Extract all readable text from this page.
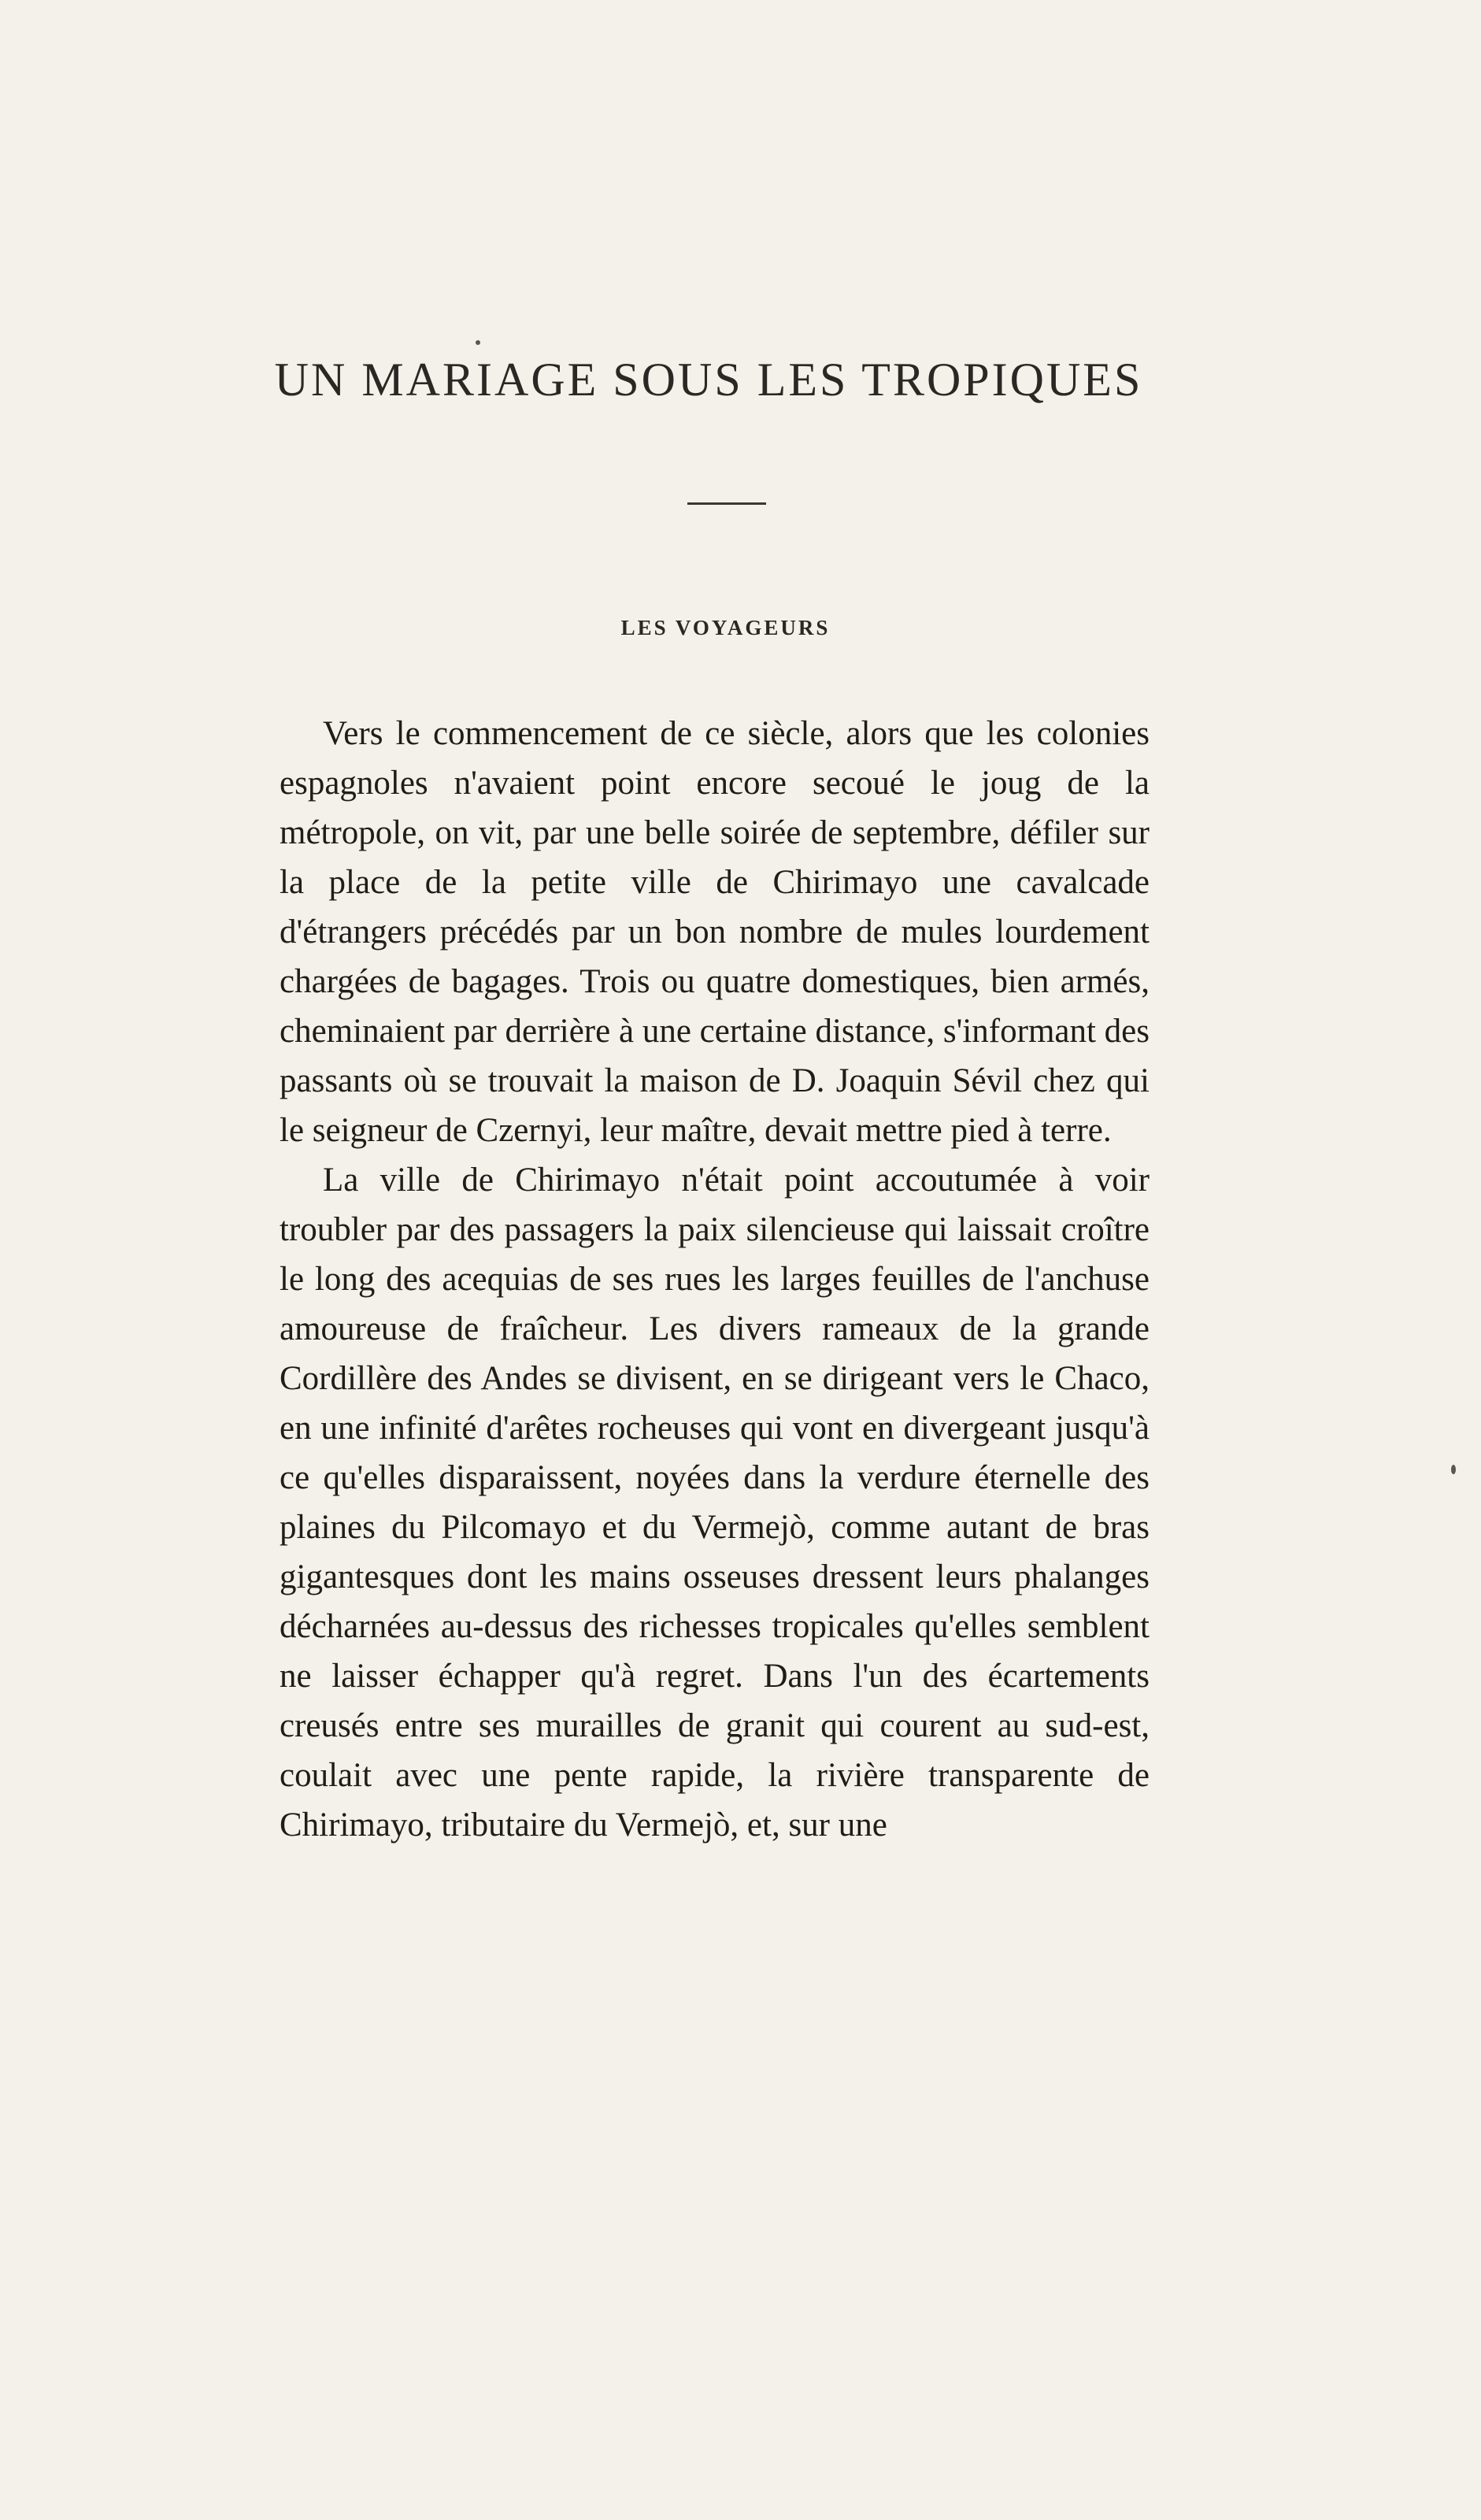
UN MARIAGE SOUS LES TROPIQUES
LES VOYAGEURS

Vers le commencement de ce siècle, alors que les colonies espagnoles n'avaient point encore secoué le joug de la métropole, on vit, par une belle soirée de septembre, défiler sur la place de la petite ville de Chirimayo une cavalcade d'étrangers précédés par un bon nombre de mules lourdement chargées de bagages. Trois ou quatre domestiques, bien armés, cheminaient par derrière à une certaine distance, s'informant des passants où se trouvait la maison de D. Joaquin Sévil chez qui le seigneur de Czernyi, leur maître, devait mettre pied à terre.

La ville de Chirimayo n'était point accoutumée à voir troubler par des passagers la paix silencieuse qui laissait croître le long des acequias de ses rues les larges feuilles de l'anchuse amoureuse de fraîcheur. Les divers rameaux de la grande Cordillère des Andes se divisent, en se dirigeant vers le Chaco, en une infinité d'arêtes rocheuses qui vont en divergeant jusqu'à ce qu'elles disparaissent, noyées dans la verdure éternelle des plaines du Pilcomayo et du Vermejò, comme autant de bras gigantesques dont les mains osseuses dressent leurs phalanges décharnées au-dessus des richesses tropicales qu'elles semblent ne laisser échapper qu'à regret. Dans l'un des écartements creusés entre ses murailles de granit qui courent au sud-est, coulait avec une pente rapide, la rivière transparente de Chirimayo, tributaire du Vermejò, et, sur une
